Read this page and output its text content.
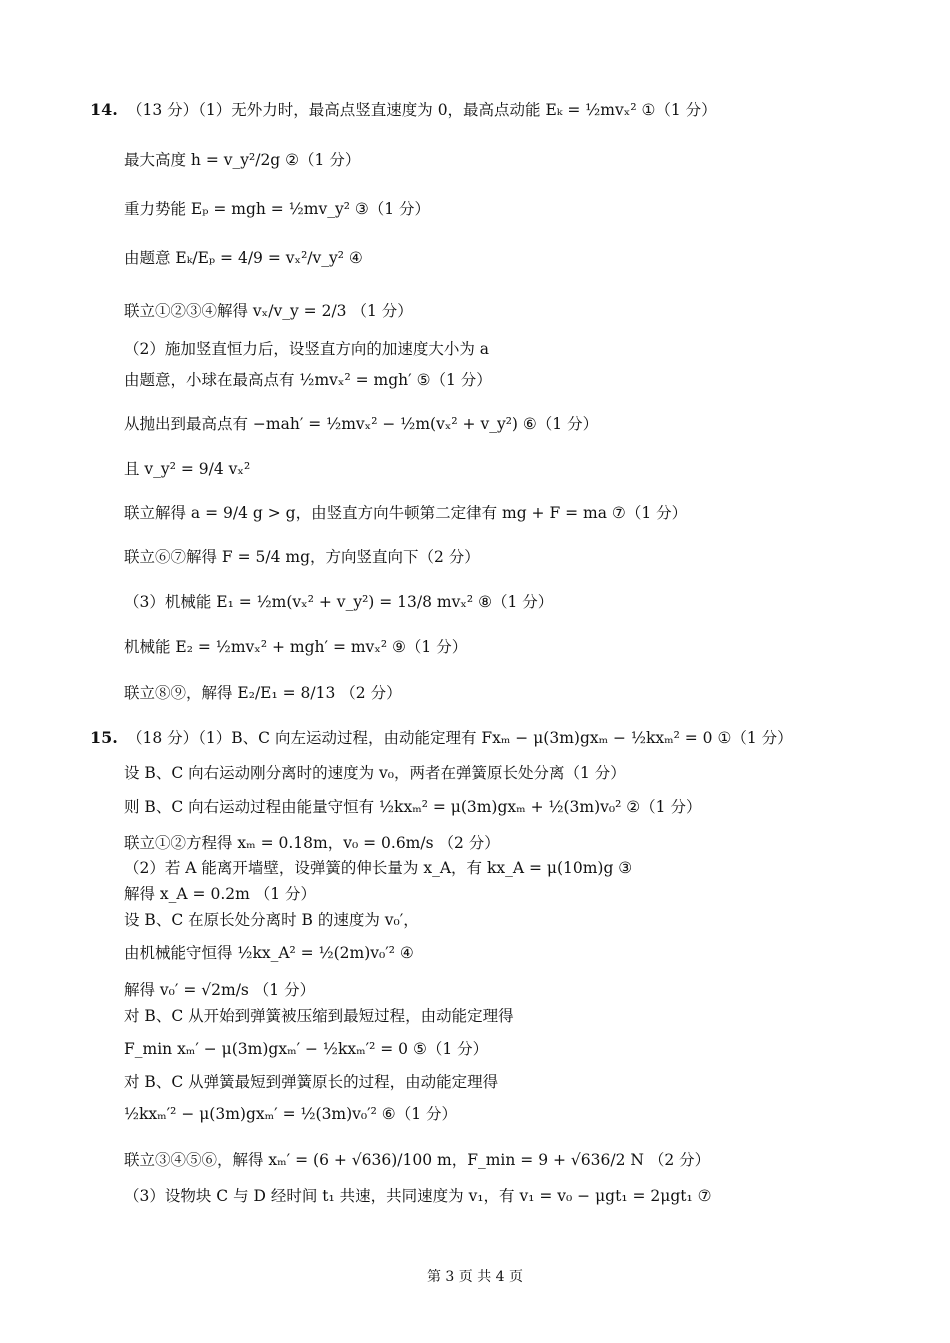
14. （13 分）（1）无外力时，最高点竖直速度为 0，最高点动能 Eₖ = ½mvₓ² ①（1 分）
最大高度 h = v_y²/2g ②（1 分）
重力势能 Eₚ = mgh = ½mv_y² ③（1 分）
由题意 Eₖ/Eₚ = 4/9 = vₓ²/v_y² ④
联立①②③④解得 vₓ/v_y = 2/3 （1 分）
（2）施加竖直恒力后，设竖直方向的加速度大小为 a
由题意，小球在最高点有 ½mvₓ² = mgh′ ⑤（1 分）
从抛出到最高点有 −mah′ = ½mvₓ² − ½m(vₓ² + v_y²) ⑥（1 分）
且 v_y² = 9/4 vₓ²
联立解得 a = 9/4 g > g，由竖直方向牛顿第二定律有 mg + F = ma ⑦（1 分）
联立⑥⑦解得 F = 5/4 mg，方向竖直向下（2 分）
（3）机械能 E₁ = ½m(vₓ² + v_y²) = 13/8 mvₓ² ⑧（1 分）
机械能 E₂ = ½mvₓ² + mgh′ = mvₓ² ⑨（1 分）
联立⑧⑨，解得 E₂/E₁ = 8/13 （2 分）
15. （18 分）（1）B、C 向左运动过程，由动能定理有 Fxₘ − μ(3m)gxₘ − ½kxₘ² = 0 ①（1 分）
设 B、C 向右运动刚分离时的速度为 v₀，两者在弹簧原长处分离（1 分）
则 B、C 向右运动过程由能量守恒有 ½kxₘ² = μ(3m)gxₘ + ½(3m)v₀² ②（1 分）
联立①②方程得 xₘ = 0.18m，v₀ = 0.6m/s （2 分）
（2）若 A 能离开墙壁，设弹簧的伸长量为 x_A，有 kx_A = μ(10m)g ③
解得 x_A = 0.2m （1 分）
设 B、C 在原长处分离时 B 的速度为 v₀′，
由机械能守恒得 ½kx_A² = ½(2m)v₀′² ④
解得 v₀′ = √2m/s （1 分）
对 B、C 从开始到弹簧被压缩到最短过程，由动能定理得
F_min xₘ′ − μ(3m)gxₘ′ − ½kxₘ′² = 0 ⑤（1 分）
对 B、C 从弹簧最短到弹簧原长的过程，由动能定理得
½kxₘ′² − μ(3m)gxₘ′ = ½(3m)v₀′² ⑥（1 分）
联立③④⑤⑥，解得 xₘ′ = (6 + √636)/100 m，F_min = 9 + √636/2 N （2 分）
（3）设物块 C 与 D 经时间 t₁ 共速，共同速度为 v₁，有 v₁ = v₀ − μgt₁ = 2μgt₁ ⑦
第 3 页 共 4 页
